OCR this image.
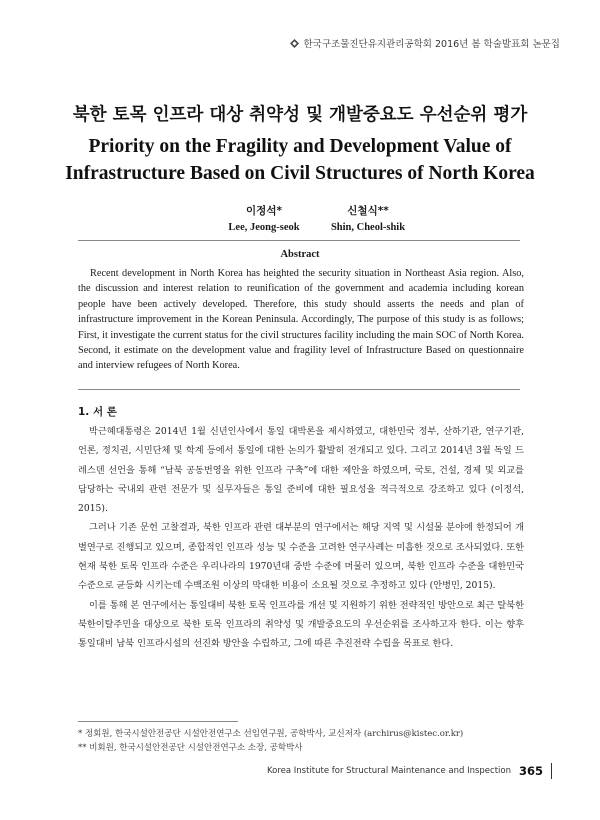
한국구조물진단유지관리공학회 2016년 봄 학술발표회 논문집
북한 토목 인프라 대상 취약성 및 개발중요도 우선순위 평가
Priority on the Fragility and Development Value of
Infrastructure Based on Civil Structures of North Korea
이정석*
Lee, Jeong-seok
신철식**
Shin, Cheol-shik
Abstract
Recent development in North Korea has heighted the security situation in Northeast Asia region. Also, the discussion and interest relation to reunification of the government and academia including korean people have been actively developed. Therefore, this study should asserts the needs and plan of infrastructure improvement in the Korean Peninsula. Accordingly, The purpose of this study is as follows; First, it investigate the current status for the civil structures facility including the main SOC of North Korea. Second, it estimate on the development value and fragility level of Infrastructure Based on questionnaire and interview refugees of North Korea.
1. 서 론

박근혜대통령은 2014년 1월 신년인사에서 통일 대박론을 제시하였고, 대한민국 정부, 산하기관, 연구기관, 언론, 정치권, 시민단체 및 학계 등에서 통일에 대한 논의가 활발히 전개되고 있다. 그리고 2014년 3월 독일 드레스덴 선언을 통해 “남북 공동번영을 위한 인프라 구축”에 대한 제안을 하였으며, 국토, 건설, 경제 및 외교를 담당하는 국내외 관련 전문가 및 실무자들은 통일 준비에 대한 필요성을 적극적으로 강조하고 있다 (이정석, 2015).

그러나 기존 문헌 고찰결과, 북한 인프라 관련 대부분의 연구에서는 해당 지역 및 시설물 분야에 한정되어 개별연구로 진행되고 있으며, 종합적인 인프라 성능 및 수준을 고려한 연구사례는 미흡한 것으로 조사되었다. 또한 현재 북한 토목 인프라 수준은 우리나라의 1970년대 중반 수준에 머물러 있으며, 북한 인프라 수준을 대한민국 수준으로 균등화 시키는데 수백조원 이상의 막대한 비용이 소요될 것으로 추정하고 있다 (안병민, 2015).

이를 통해 본 연구에서는 통일대비 북한 토목 인프라를 개선 및 지원하기 위한 전략적인 방안으로 최근 탈북한 북한이탈주민을 대상으로 북한 토목 인프라의 취약성 및 개발중요도의 우선순위를 조사하고자 한다. 이는 향후 통일대비 남북 인프라시설의 선진화 방안을 수립하고, 그에 따른 추진전략 수립을 목표로 한다.

* 정회원, 한국시설안전공단 시설안전연구소 선임연구원, 공학박사, 교신저자 (archirus@kistec.or.kr)
** 비회원, 한국시설안전공단 시설안전연구소 소장, 공학박사
Korea Institute for Structural Maintenance and Inspection 365
